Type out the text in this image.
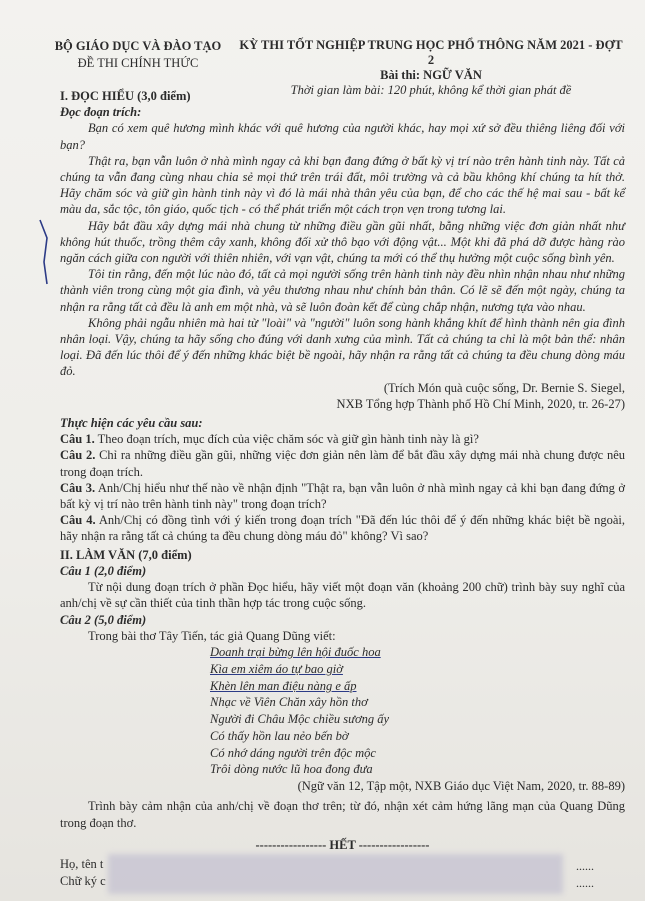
BỘ GIÁO DỤC VÀ ĐÀO TẠO
ĐỀ THI CHÍNH THỨC
KỲ THI TỐT NGHIỆP TRUNG HỌC PHỔ THÔNG NĂM 2021 - ĐỢT 2
Bài thi: NGỮ VĂN
Thời gian làm bài: 120 phút, không kể thời gian phát đề

I. ĐỌC HIỂU (3,0 điểm)

Đọc đoạn trích:

Bạn có xem quê hương mình khác với quê hương của người khác, hay mọi xứ sở đều thiêng liêng đối với bạn?

Thật ra, bạn vẫn luôn ở nhà mình ngay cả khi bạn đang đứng ở bất kỳ vị trí nào trên hành tinh này. Tất cả chúng ta vẫn đang cùng nhau chia sẻ mọi thứ trên trái đất, môi trường và cả bầu không khí chúng ta hít thở. Hãy chăm sóc và giữ gìn hành tinh này vì đó là mái nhà thân yêu của bạn, để cho các thế hệ mai sau - bất kể màu da, sắc tộc, tôn giáo, quốc tịch - có thể phát triển một cách trọn vẹn trong tương lai.

Hãy bắt đầu xây dựng mái nhà chung từ những điều gần gũi nhất, bằng những việc đơn giản nhất như không hút thuốc, trồng thêm cây xanh, không đối xử thô bạo với động vật... Một khi đã phá dỡ được hàng rào ngăn cách giữa con người với thiên nhiên, với vạn vật, chúng ta mới có thể thụ hưởng một cuộc sống bình yên.

Tôi tin rằng, đến một lúc nào đó, tất cả mọi người sống trên hành tinh này đều nhìn nhận nhau như những thành viên trong cùng một gia đình, và yêu thương nhau như chính bản thân. Có lẽ sẽ đến một ngày, chúng ta nhận ra rằng tất cả đều là anh em một nhà, và sẽ luôn đoàn kết để cùng chắp nhận, nương tựa vào nhau.

Không phải ngẫu nhiên mà hai từ "loài" và "người" luôn song hành khắng khít để hình thành nên gia đình nhân loại. Vậy, chúng ta hãy sống cho đúng với danh xưng của mình. Tất cả chúng ta chỉ là một bản thể: nhân loại. Đã đến lúc thôi để ý đến những khác biệt bề ngoài, hãy nhận ra rằng tất cả chúng ta đều chung dòng máu đỏ.

(Trích Món quà cuộc sống, Dr. Bernie S. Siegel,

NXB Tổng hợp Thành phố Hồ Chí Minh, 2020, tr. 26-27)

Thực hiện các yêu cầu sau:

Câu 1. Theo đoạn trích, mục đích của việc chăm sóc và giữ gìn hành tinh này là gì?

Câu 2. Chỉ ra những điều gần gũi, những việc đơn giản nên làm để bắt đầu xây dựng mái nhà chung được nêu trong đoạn trích.

Câu 3. Anh/Chị hiểu như thế nào về nhận định "Thật ra, bạn vẫn luôn ở nhà mình ngay cả khi bạn đang đứng ở bất kỳ vị trí nào trên hành tinh này" trong đoạn trích?

Câu 4. Anh/Chị có đồng tình với ý kiến trong đoạn trích "Đã đến lúc thôi để ý đến những khác biệt bề ngoài, hãy nhận ra rằng tất cả chúng ta đều chung dòng máu đỏ" không? Vì sao?

II. LÀM VĂN (7,0 điểm)

Câu 1 (2,0 điểm)

Từ nội dung đoạn trích ở phần Đọc hiểu, hãy viết một đoạn văn (khoảng 200 chữ) trình bày suy nghĩ của anh/chị về sự cần thiết của tinh thần hợp tác trong cuộc sống.

Câu 2 (5,0 điểm)

Trong bài thơ Tây Tiến, tác giả Quang Dũng viết:

Doanh trại bừng lên hội đuốc hoa
Kìa em xiêm áo tự bao giờ
Khèn lên man điệu nàng e ấp
Nhạc về Viên Chăn xây hồn thơ
Người đi Châu Mộc chiều sương ấy
Có thấy hồn lau nẻo bến bờ
Có nhớ dáng người trên độc mộc
Trôi dòng nước lũ hoa đong đưa

(Ngữ văn 12, Tập một, NXB Giáo dục Việt Nam, 2020, tr. 88-89)

Trình bày cảm nhận của anh/chị về đoạn thơ trên; từ đó, nhận xét cảm hứng lãng mạn của Quang Dũng trong đoạn thơ.

----------------- HẾT -----------------
Họ, tên t
Chữ ký c
......
......
